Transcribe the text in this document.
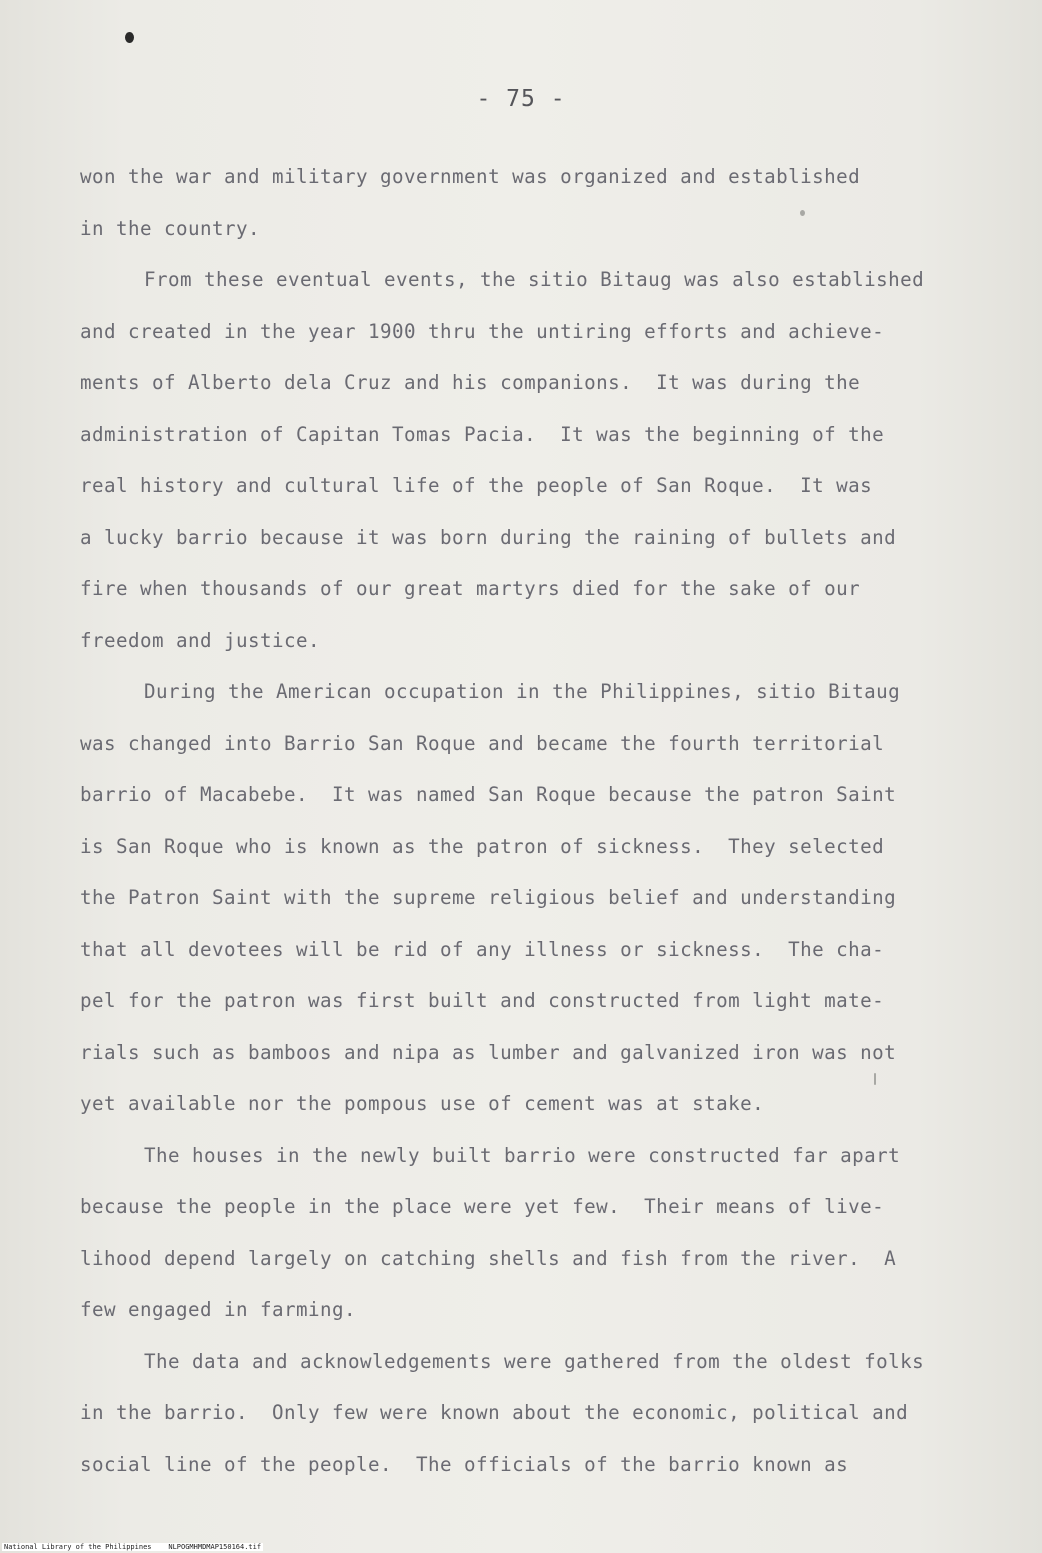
- 75 -
won the war and military government was organized and established
in the country.
From these eventual events, the sitio Bitaug was also established
and created in the year 1900 thru the untiring efforts and achieve-
ments of Alberto dela Cruz and his companions.  It was during the
administration of Capitan Tomas Pacia.  It was the beginning of the
real history and cultural life of the people of San Roque.  It was
a lucky barrio because it was born during the raining of bullets and
fire when thousands of our great martyrs died for the sake of our
freedom and justice.
During the American occupation in the Philippines, sitio Bitaug
was changed into Barrio San Roque and became the fourth territorial
barrio of Macabebe.  It was named San Roque because the patron Saint
is San Roque who is known as the patron of sickness.  They selected
the Patron Saint with the supreme religious belief and understanding
that all devotees will be rid of any illness or sickness.  The cha-
pel for the patron was first built and constructed from light mate-
rials such as bamboos and nipa as lumber and galvanized iron was not
yet available nor the pompous use of cement was at stake.
The houses in the newly built barrio were constructed far apart
because the people in the place were yet few.  Their means of live-
lihood depend largely on catching shells and fish from the river.  A
few engaged in farming.
The data and acknowledgements were gathered from the oldest folks
in the barrio.  Only few were known about the economic, political and
social line of the people.  The officials of the barrio known as
National Library of the Philippines    NLPOGMHMDMAP150164.tif
